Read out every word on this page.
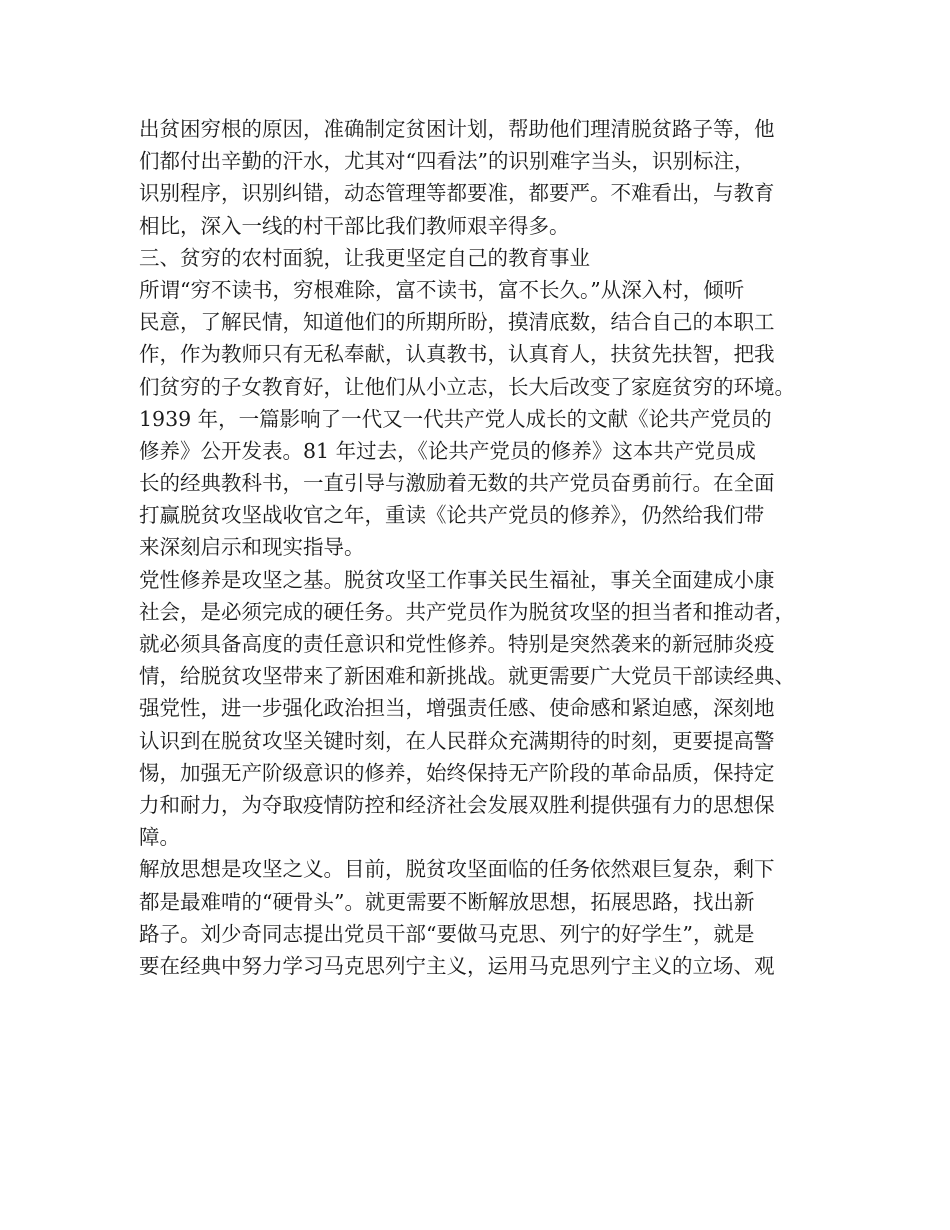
出贫困穷根的原因，准确制定贫困计划，帮助他们理清脱贫路子等，他
们都付出辛勤的汗水，尤其对“四看法”的识别难字当头，识别标注，
识别程序，识别纠错，动态管理等都要准，都要严。不难看出，与教育
相比，深入一线的村干部比我们教师艰辛得多。
三、贫穷的农村面貌，让我更坚定自己的教育事业
所谓“穷不读书，穷根难除，富不读书，富不长久。”从深入村，倾听
民意，了解民情，知道他们的所期所盼，摸清底数，结合自己的本职工
作，作为教师只有无私奉献，认真教书，认真育人，扶贫先扶智，把我
们贫穷的子女教育好，让他们从小立志，长大后改变了家庭贫穷的环境。
1939 年，一篇影响了一代又一代共产党人成长的文献《论共产党员的
修养》公开发表。81 年过去，《论共产党员的修养》这本共产党员成
长的经典教科书，一直引导与激励着无数的共产党员奋勇前行。在全面
打赢脱贫攻坚战收官之年，重读《论共产党员的修养》，仍然给我们带
来深刻启示和现实指导。
党性修养是攻坚之基。脱贫攻坚工作事关民生福祉，事关全面建成小康
社会，是必须完成的硬任务。共产党员作为脱贫攻坚的担当者和推动者，
就必须具备高度的责任意识和党性修养。特别是突然袭来的新冠肺炎疫
情，给脱贫攻坚带来了新困难和新挑战。就更需要广大党员干部读经典、
强党性，进一步强化政治担当，增强责任感、使命感和紧迫感，深刻地
认识到在脱贫攻坚关键时刻，在人民群众充满期待的时刻，更要提高警
惕，加强无产阶级意识的修养，始终保持无产阶段的革命品质，保持定
力和耐力，为夺取疫情防控和经济社会发展双胜利提供强有力的思想保
障。
解放思想是攻坚之义。目前，脱贫攻坚面临的任务依然艰巨复杂，剩下
都是最难啃的“硬骨头”。就更需要不断解放思想，拓展思路，找出新
路子。刘少奇同志提出党员干部“要做马克思、列宁的好学生”，就是
要在经典中努力学习马克思列宁主义，运用马克思列宁主义的立场、观
